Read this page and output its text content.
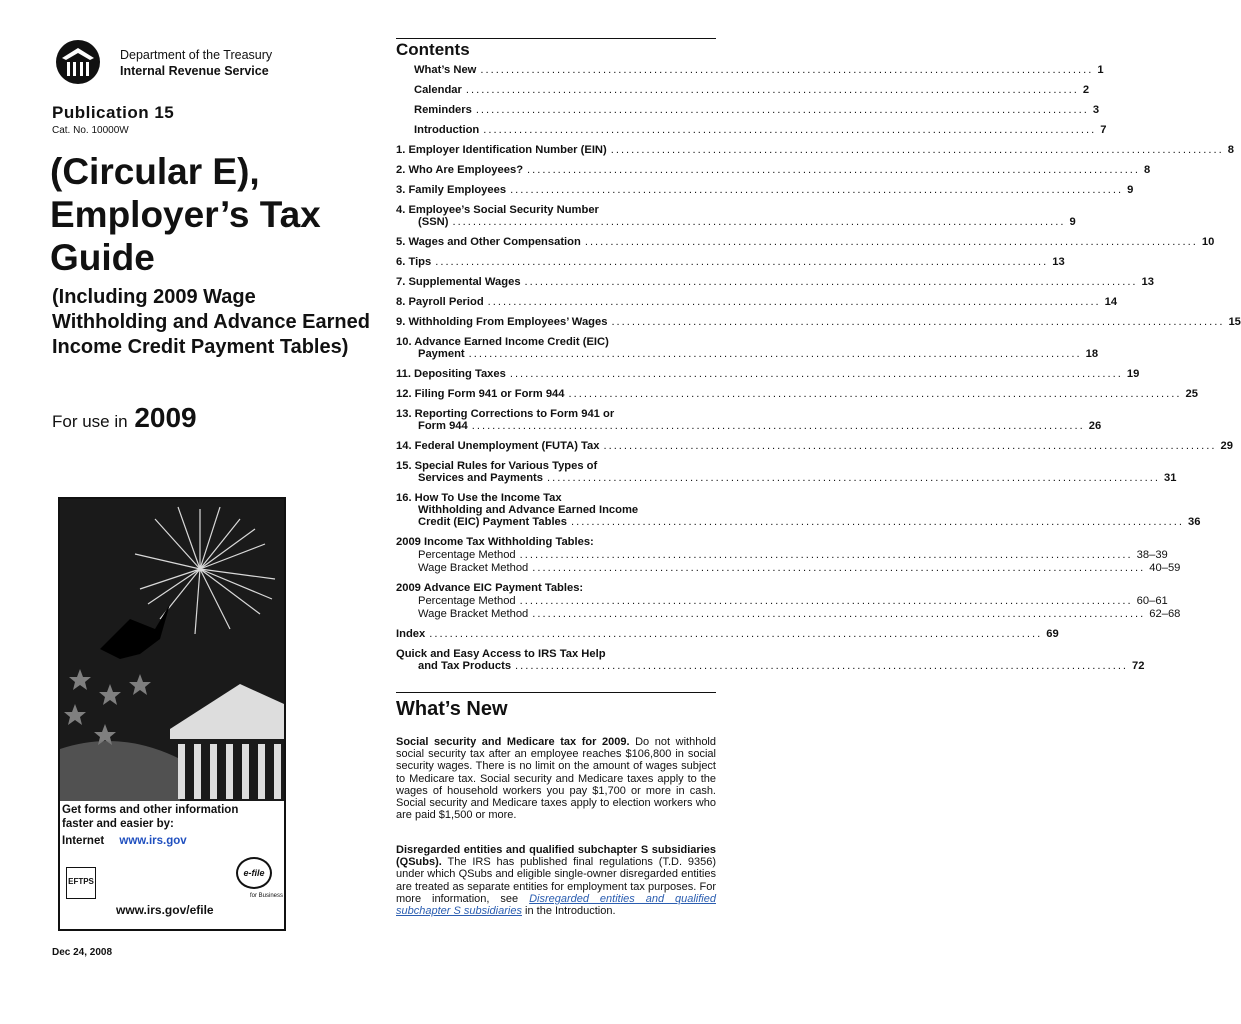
Department of the Treasury
Internal Revenue Service
Publication 15
Cat. No. 10000W
(Circular E), Employer’s Tax Guide
(Including 2009 Wage Withholding and Advance Earned Income Credit Payment Tables)
For use in 2009
Get forms and other information faster and easier by:
Internet www.irs.gov
EFTPS
e-file
for Business
www.irs.gov/efile
Dec 24, 2008
Contents
What’s New ........................................................................................................................ 1
Calendar ........................................................................................................................ 2
Reminders ........................................................................................................................ 3
Introduction ........................................................................................................................ 7
1. Employer Identification Number (EIN) ........................................................................................................................ 8
2. Who Are Employees? ........................................................................................................................ 8
3. Family Employees ........................................................................................................................ 9
4. Employee’s Social Security Number
(SSN) ........................................................................................................................ 9
5. Wages and Other Compensation ........................................................................................................................ 10
6. Tips ........................................................................................................................ 13
7. Supplemental Wages ........................................................................................................................ 13
8. Payroll Period ........................................................................................................................ 14
9. Withholding From Employees’ Wages ........................................................................................................................ 15
10. Advance Earned Income Credit (EIC)
Payment ........................................................................................................................ 18
11. Depositing Taxes ........................................................................................................................ 19
12. Filing Form 941 or Form 944 ........................................................................................................................ 25
13. Reporting Corrections to Form 941 or
Form 944 ........................................................................................................................ 26
14. Federal Unemployment (FUTA) Tax ........................................................................................................................ 29
15. Special Rules for Various Types of
Services and Payments ........................................................................................................................ 31
16. How To Use the Income Tax
Withholding and Advance Earned Income
Credit (EIC) Payment Tables ........................................................................................................................ 36
2009 Income Tax Withholding Tables:
Percentage Method ........................................................................................................................ 38–39
Wage Bracket Method ........................................................................................................................ 40–59
2009 Advance EIC Payment Tables:
Percentage Method ........................................................................................................................ 60–61
Wage Bracket Method ........................................................................................................................ 62–68
Index ........................................................................................................................ 69
Quick and Easy Access to IRS Tax Help
and Tax Products ........................................................................................................................ 72
What’s New
Social security and Medicare tax for 2009. Do not withhold social security tax after an employee reaches $106,800 in social security wages. There is no limit on the amount of wages subject to Medicare tax. Social security and Medicare taxes apply to the wages of household workers you pay $1,700 or more in cash. Social security and Medicare taxes apply to election workers who are paid $1,500 or more.
Disregarded entities and qualified subchapter S subsidiaries (QSubs). The IRS has published final regulations (T.D. 9356) under which QSubs and eligible single-owner disregarded entities are treated as separate entities for employment tax purposes. For more information, see Disregarded entities and qualified subchapter S subsidiaries in the Introduction.
